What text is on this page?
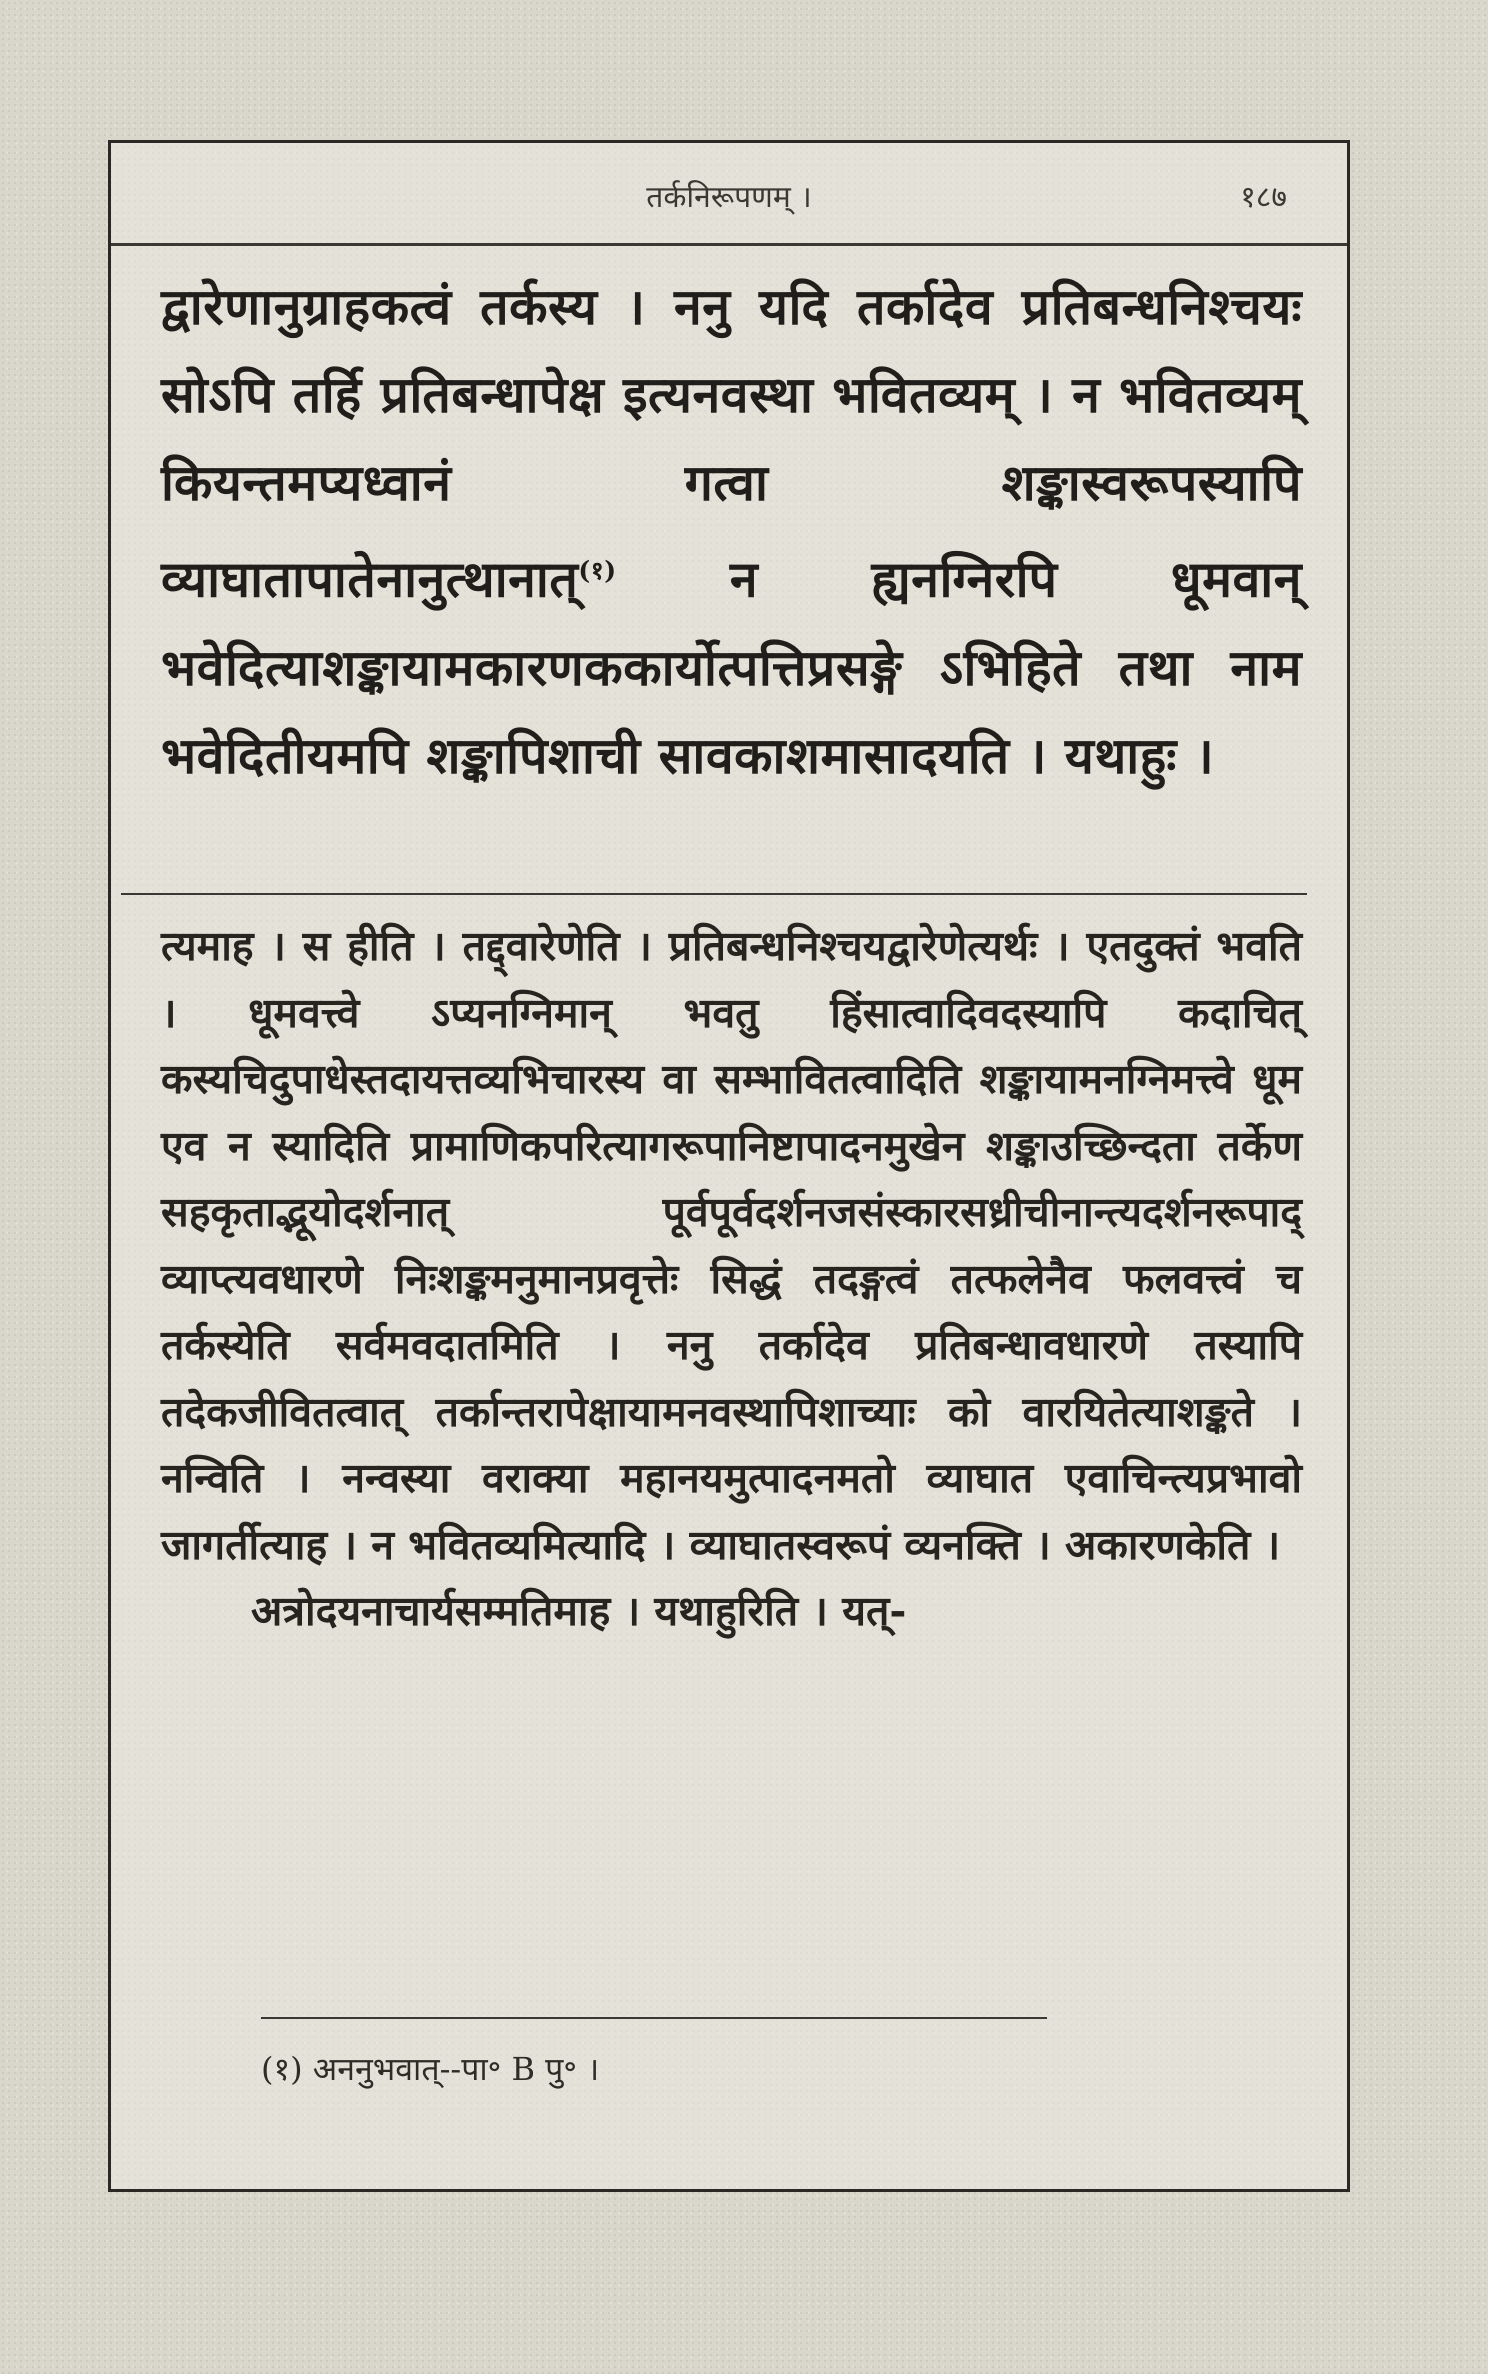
तर्कनिरूपणम् ।	१८७

द्वारेणानुग्राहकत्वं तर्कस्य । ननु यदि तर्कादेव प्रतिबन्धनिश्चयः सोऽपि तर्हि प्रतिबन्धापेक्ष इत्यनवस्था भवितव्यम् । न भवितव्यम् कियन्तमप्यध्वानं गत्वा शङ्कास्वरूपस्यापि व्याघातापातेनानुत्थानात्$^{(१)}$ न ह्यनग्निरपि धूमवान् भवेदित्याशङ्कायामकारणककार्योत्पत्तिप्रसङ्गे ऽभिहिते तथा नाम भवेदितीयमपि शङ्कापिशाची सावकाशमासादयति । यथाहुः ।

त्यमाह । स हीति । तद्द्वारेणेति । प्रतिबन्धनिश्चयद्वारेणेत्यर्थः । एतदुक्तं भवति । धूमवत्त्वे ऽप्यनग्निमान् भवतु हिंसात्वादिवदस्यापि कदाचित् कस्यचिदुपाधेस्तदायत्तव्यभिचारस्य वा सम्भावितत्वादिति शङ्कायामनग्निमत्त्वे धूम एव न स्यादिति प्रामाणिकपरित्यागरूपानिष्टापादनमुखेन शङ्काउच्छिन्दता तर्केण सहकृताद्भूयोदर्शनात् पूर्वपूर्वदर्शनजसंस्कारसध्रीचीनान्त्यदर्शनरूपाद् व्याप्त्यवधारणे निःशङ्कमनुमानप्रवृत्तेः सिद्धं तदङ्गत्वं तत्फलेनैव फलवत्त्वं च तर्कस्येति सर्वमवदातमिति । ननु तर्कादेव प्रतिबन्धावधारणे तस्यापि तदेकजीवितत्वात् तर्कान्तरापेक्षायामनवस्थापिशाच्याः को वारयितेत्याशङ्कते । नन्विति । नन्वस्या वराक्या महानयमुत्पादनमतो व्याघात एवाचिन्त्यप्रभावो जागर्तीत्याह । न भवितव्यमित्यादि । व्याघातस्वरूपं व्यनक्ति । अकारणकेति ।

अत्रोदयनाचार्यसम्मतिमाह । यथाहुरिति । यत्-

(१) अननुभवात्--पा॰ B पु॰ ।
